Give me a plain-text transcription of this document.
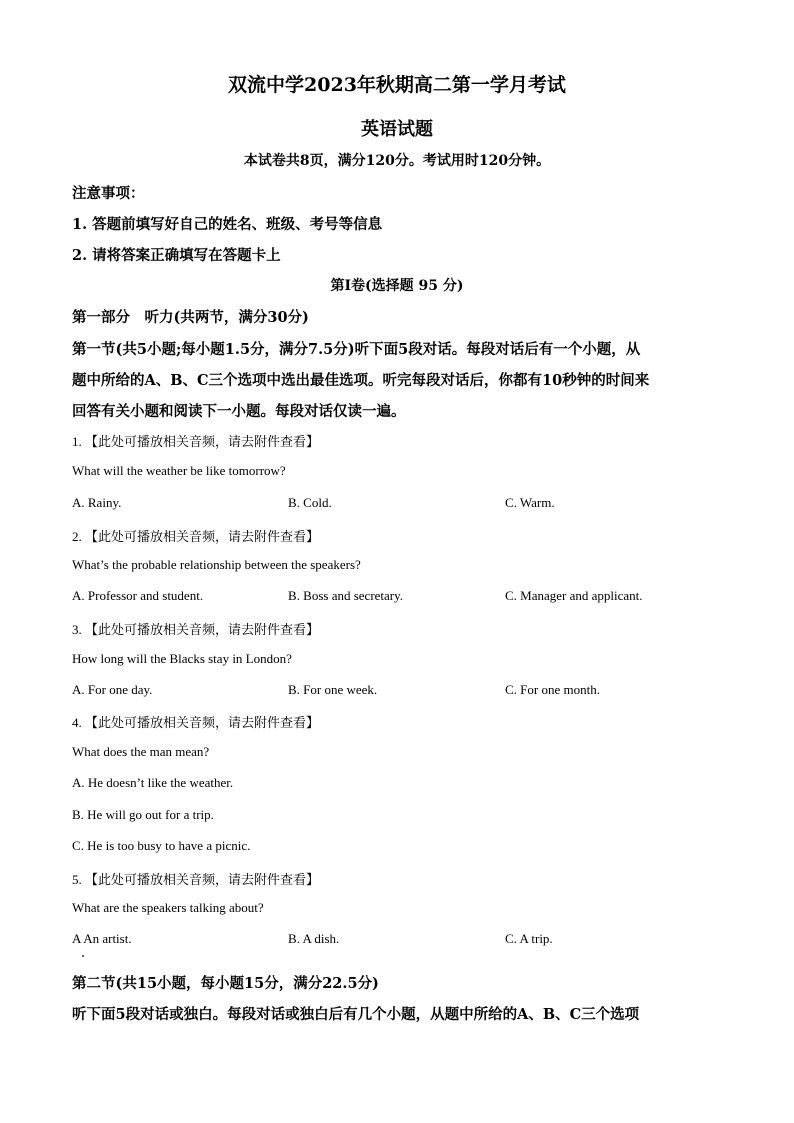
双流中学2023年秋期高二第一学月考试
英语试题
本试卷共8页，满分120分。考试用时120分钟。
注意事项：
1. 答题前填写好自己的姓名、班级、考号等信息
2. 请将答案正确填写在答题卡上
第I卷(选择题 95 分)
第一部分　听力(共两节，满分30分)
第一节(共5小题;每小题1.5分，满分7.5分)听下面5段对话。每段对话后有一个小题，从
题中所给的A、B、C三个选项中选出最佳选项。听完每段对话后，你都有10秒钟的时间来
回答有关小题和阅读下一小题。每段对话仅读一遍。
1. 【此处可播放相关音频，请去附件查看】
What will the weather be like tomorrow?
A. Rainy.	B. Cold.	C. Warm.
2. 【此处可播放相关音频，请去附件查看】
What’s the probable relationship between the speakers?
A. Professor and student.	B. Boss and secretary.	C. Manager and applicant.
3. 【此处可播放相关音频，请去附件查看】
How long will the Blacks stay in London?
A. For one day.	B. For one week.	C. For one month.
4. 【此处可播放相关音频，请去附件查看】
What does the man mean?
A. He doesn’t like the weather.
B. He will go out for a trip.
C. He is too busy to have a picnic.
5. 【此处可播放相关音频，请去附件查看】
What are the speakers talking about?
A An artist.	B. A dish.	C. A trip.
第二节(共15小题，每小题15分，满分22.5分)
听下面5段对话或独白。每段对话或独白后有几个小题，从题中所给的A、B、C三个选项
